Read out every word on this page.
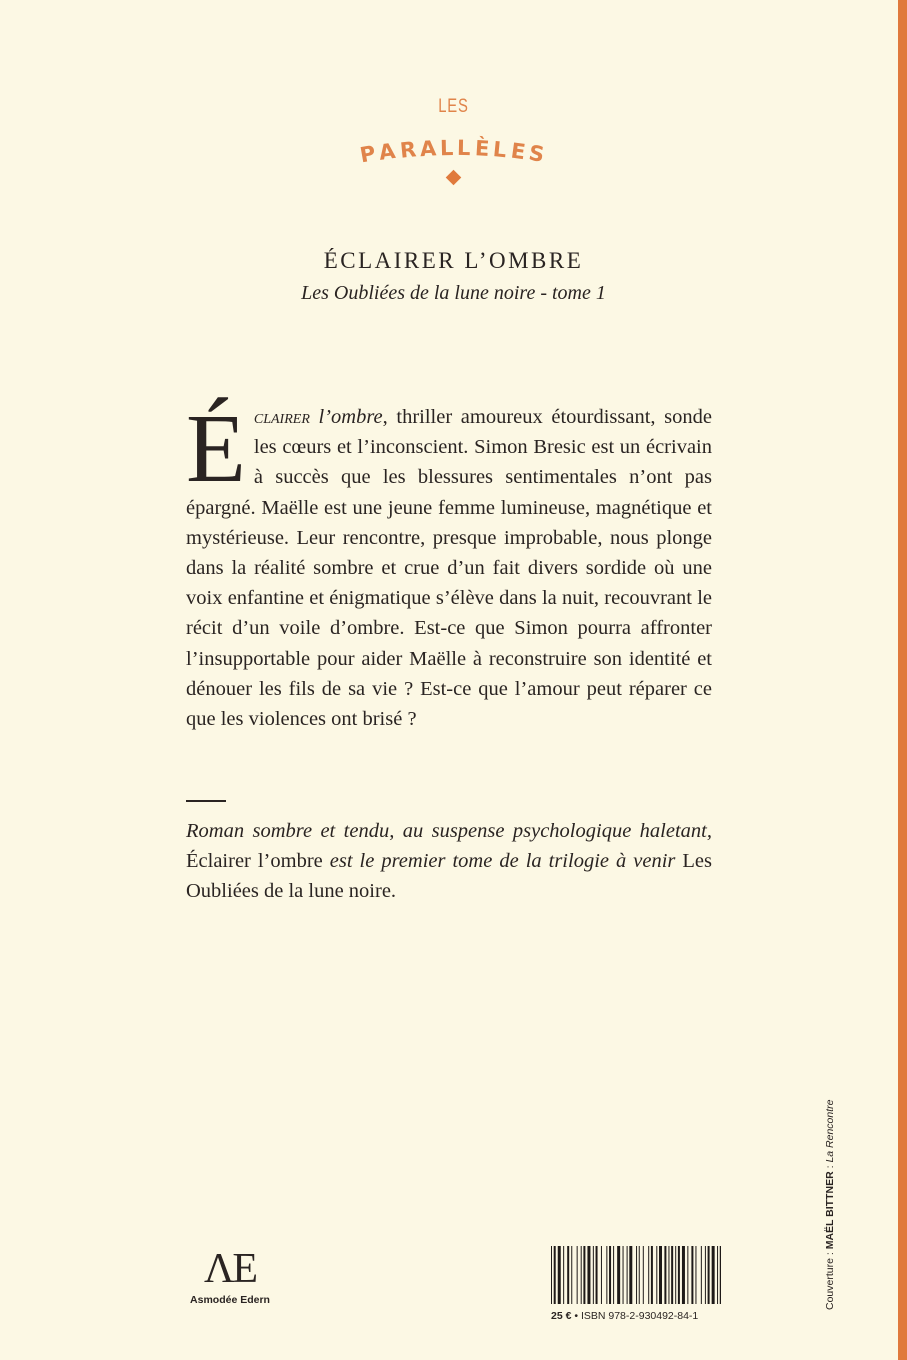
LES
P
A
R A L L È L
E
S
ÉCLAIRER L’OMBRE
Les Oubliées de la lune noire - tome 1
Éclairer l’ombre, thriller amoureux étourdissant, sonde les cœurs et l’inconscient. Simon Bresic est un écrivain à succès que les blessures sentimentales n’ont pas épargné. Maëlle est une jeune femme lumineuse, magnétique et mystérieuse. Leur rencontre, presque improbable, nous plonge dans la réalité sombre et crue d’un fait divers sordide où une voix enfantine et énigmatique s’élève dans la nuit, recouvrant le récit d’un voile d’ombre. Est-ce que Simon pourra affronter l’insupportable pour aider Maëlle à reconstruire son identité et dénouer les fils de sa vie ? Est-ce que l’amour peut réparer ce que les violences ont brisé ?
Roman sombre et tendu, au suspense psychologique haletant, Éclairer l’ombre est le premier tome de la trilogie à venir Les Oubliées de la lune noire.
ΛE
Asmodée Edern
25 € • ISBN 978-2-930492-84-1
Couverture : MAËL BITTNER : La Rencontre
